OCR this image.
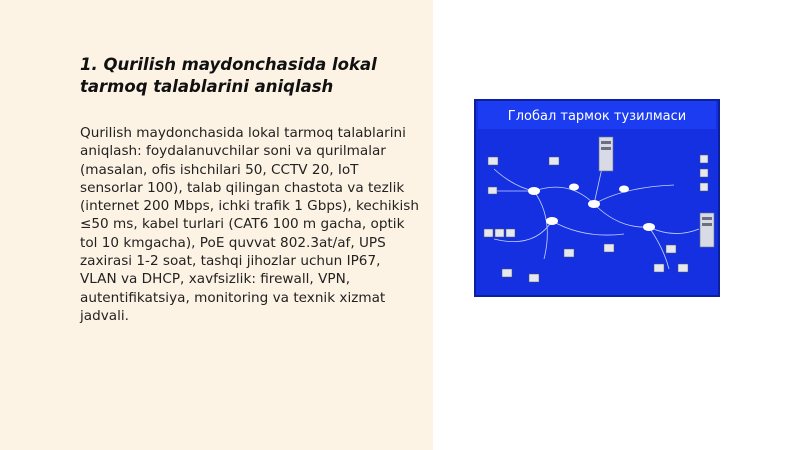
1. Qurilish maydonchasida lokal tarmoq talablarini aniqlash

Qurilish maydonchasida lokal tarmoq talablarini aniqlash: foydalanuvchilar soni va qurilmalar (masalan, ofis ishchilari 50, CCTV 20, IoT sensorlar 100), talab qilingan chastota va tezlik (internet 200 Mbps, ichki trafik 1 Gbps), kechikish ≤50 ms, kabel turlari (CAT6 100 m gacha, optik tol 10 kmgacha), PoE quvvat 802.3at/af, UPS zaxirasi 1-2 soat, tashqi jihozlar uchun IP67, VLAN va DHCP, xavfsizlik: firewall, VPN, autentifikatsiya, monitoring va texnik xizmat jadvali.

Глобал тармок тузилмаси
